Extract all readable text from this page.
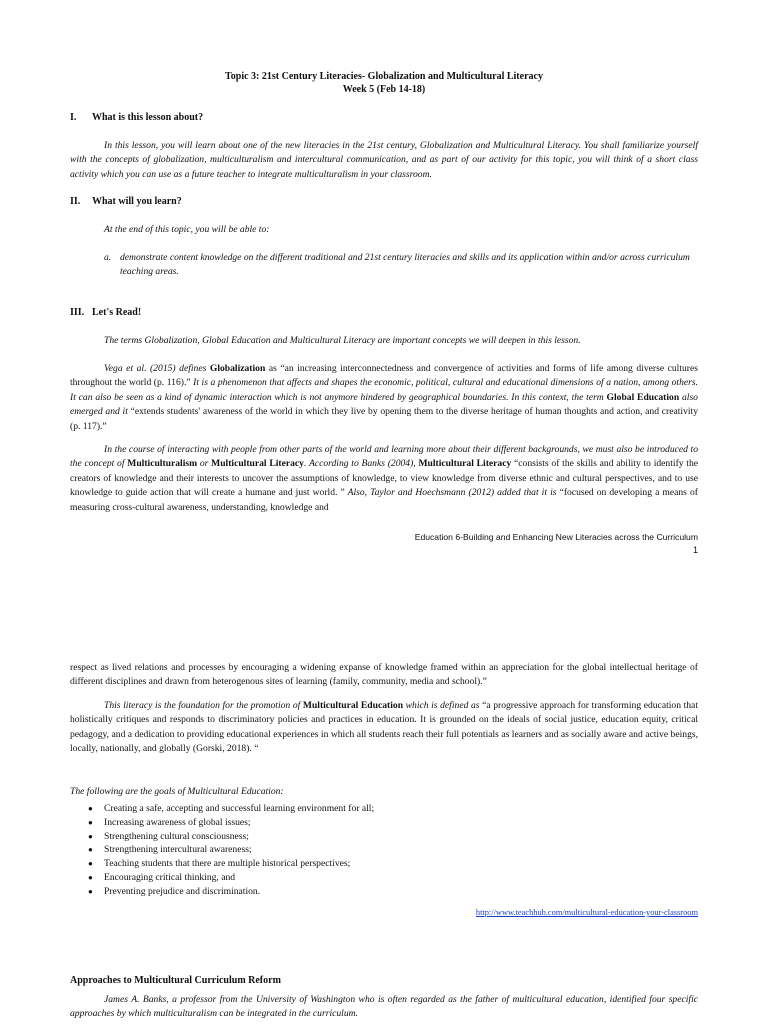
Topic 3: 21st Century Literacies- Globalization and Multicultural Literacy
Week 5 (Feb 14-18)
I. What is this lesson about?
In this lesson, you will learn about one of the new literacies in the 21st century, Globalization and Multicultural Literacy. You shall familiarize yourself with the concepts of globalization, multiculturalism and intercultural communication, and as part of our activity for this topic, you will think of a short class activity which you can use as a future teacher to integrate multiculturalism in your classroom.
II. What will you learn?
At the end of this topic, you will be able to:
a. demonstrate content knowledge on the different traditional and 21st century literacies and skills and its application within and/or across curriculum teaching areas.
III. Let's Read!
The terms Globalization, Global Education and Multicultural Literacy are important concepts we will deepen in this lesson.
Vega et al. (2015) defines Globalization as “an increasing interconnectedness and convergence of activities and forms of life among diverse cultures throughout the world (p. 116).” It is a phenomenon that affects and shapes the economic, political, cultural and educational dimensions of a nation, among others. It can also be seen as a kind of dynamic interaction which is not anymore hindered by geographical boundaries. In this context, the term Global Education also emerged and it “extends students' awareness of the world in which they live by opening them to the diverse heritage of human thoughts and action, and creativity (p. 117).”
In the course of interacting with people from other parts of the world and learning more about their different backgrounds, we must also be introduced to the concept of Multiculturalism or Multicultural Literacy. According to Banks (2004), Multicultural Literacy “consists of the skills and ability to identify the creators of knowledge and their interests to uncover the assumptions of knowledge, to view knowledge from diverse ethnic and cultural perspectives, and to use knowledge to guide action that will create a humane and just world. ” Also, Taylor and Hoechsmann (2012) added that it is “focused on developing a means of measuring cross-cultural awareness, understanding, knowledge and
Education 6-Building and Enhancing New Literacies across the Curriculum
1
respect as lived relations and processes by encouraging a widening expanse of knowledge framed within an appreciation for the global intellectual heritage of different disciplines and drawn from heterogenous sites of learning (family, community, media and school).”
This literacy is the foundation for the promotion of Multicultural Education which is defined as “a progressive approach for transforming education that holistically critiques and responds to discriminatory policies and practices in education. It is grounded on the ideals of social justice, education equity, critical pedagogy, and a dedication to providing educational experiences in which all students reach their full potentials as learners and as socially aware and active beings, locally, nationally, and globally (Gorski, 2018). “
The following are the goals of Multicultural Education:
● Creating a safe, accepting and successful learning environment for all;
● Increasing awareness of global issues;
● Strengthening cultural consciousness;
● Strengthening intercultural awareness;
● Teaching students that there are multiple historical perspectives;
● Encouraging critical thinking, and
● Preventing prejudice and discrimination.
http://www.teachhub.com/multicultural-education-your-classroom
Approaches to Multicultural Curriculum Reform
James A. Banks, a professor from the University of Washington who is often regarded as the father of multicultural education, identified four specific approaches by which multiculturalism can be integrated in the curriculum.
